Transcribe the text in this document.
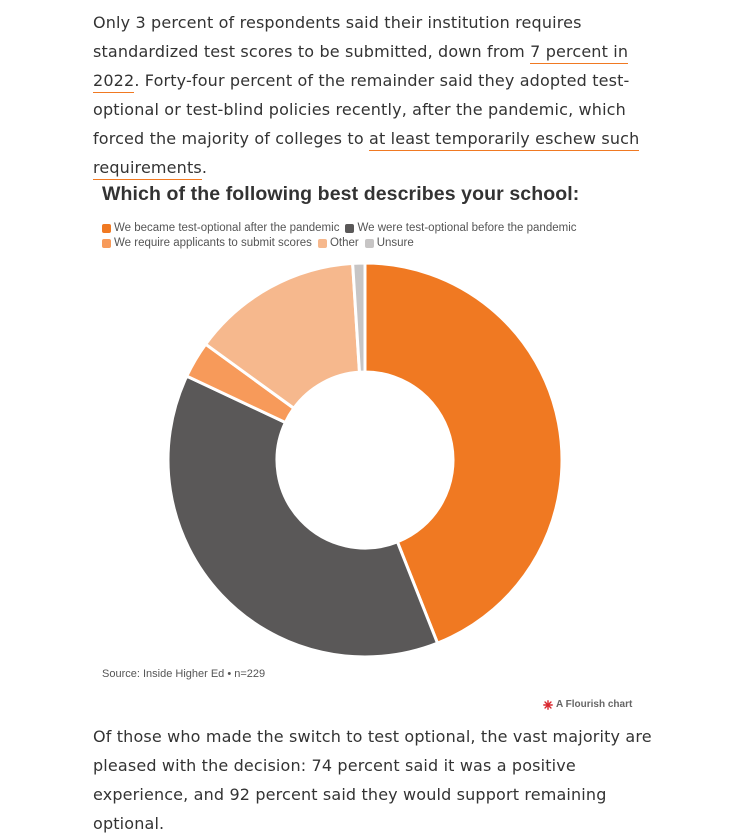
Only 3 percent of respondents said their institution requires standardized test scores to be submitted, down from 7 percent in 2022. Forty-four percent of the remainder said they adopted test-optional or test-blind policies recently, after the pandemic, which forced the majority of colleges to at least temporarily eschew such requirements.

Which of the following best describes your school:
We became test-optional after the pandemic We were test-optional before the pandemic
We require applicants to submit scores Other Unsure
Source: Inside Higher Ed • n=229
A Flourish chart

Of those who made the switch to test optional, the vast majority are pleased with the decision: 74 percent said it was a positive experience, and 92 percent said they would support remaining optional.
